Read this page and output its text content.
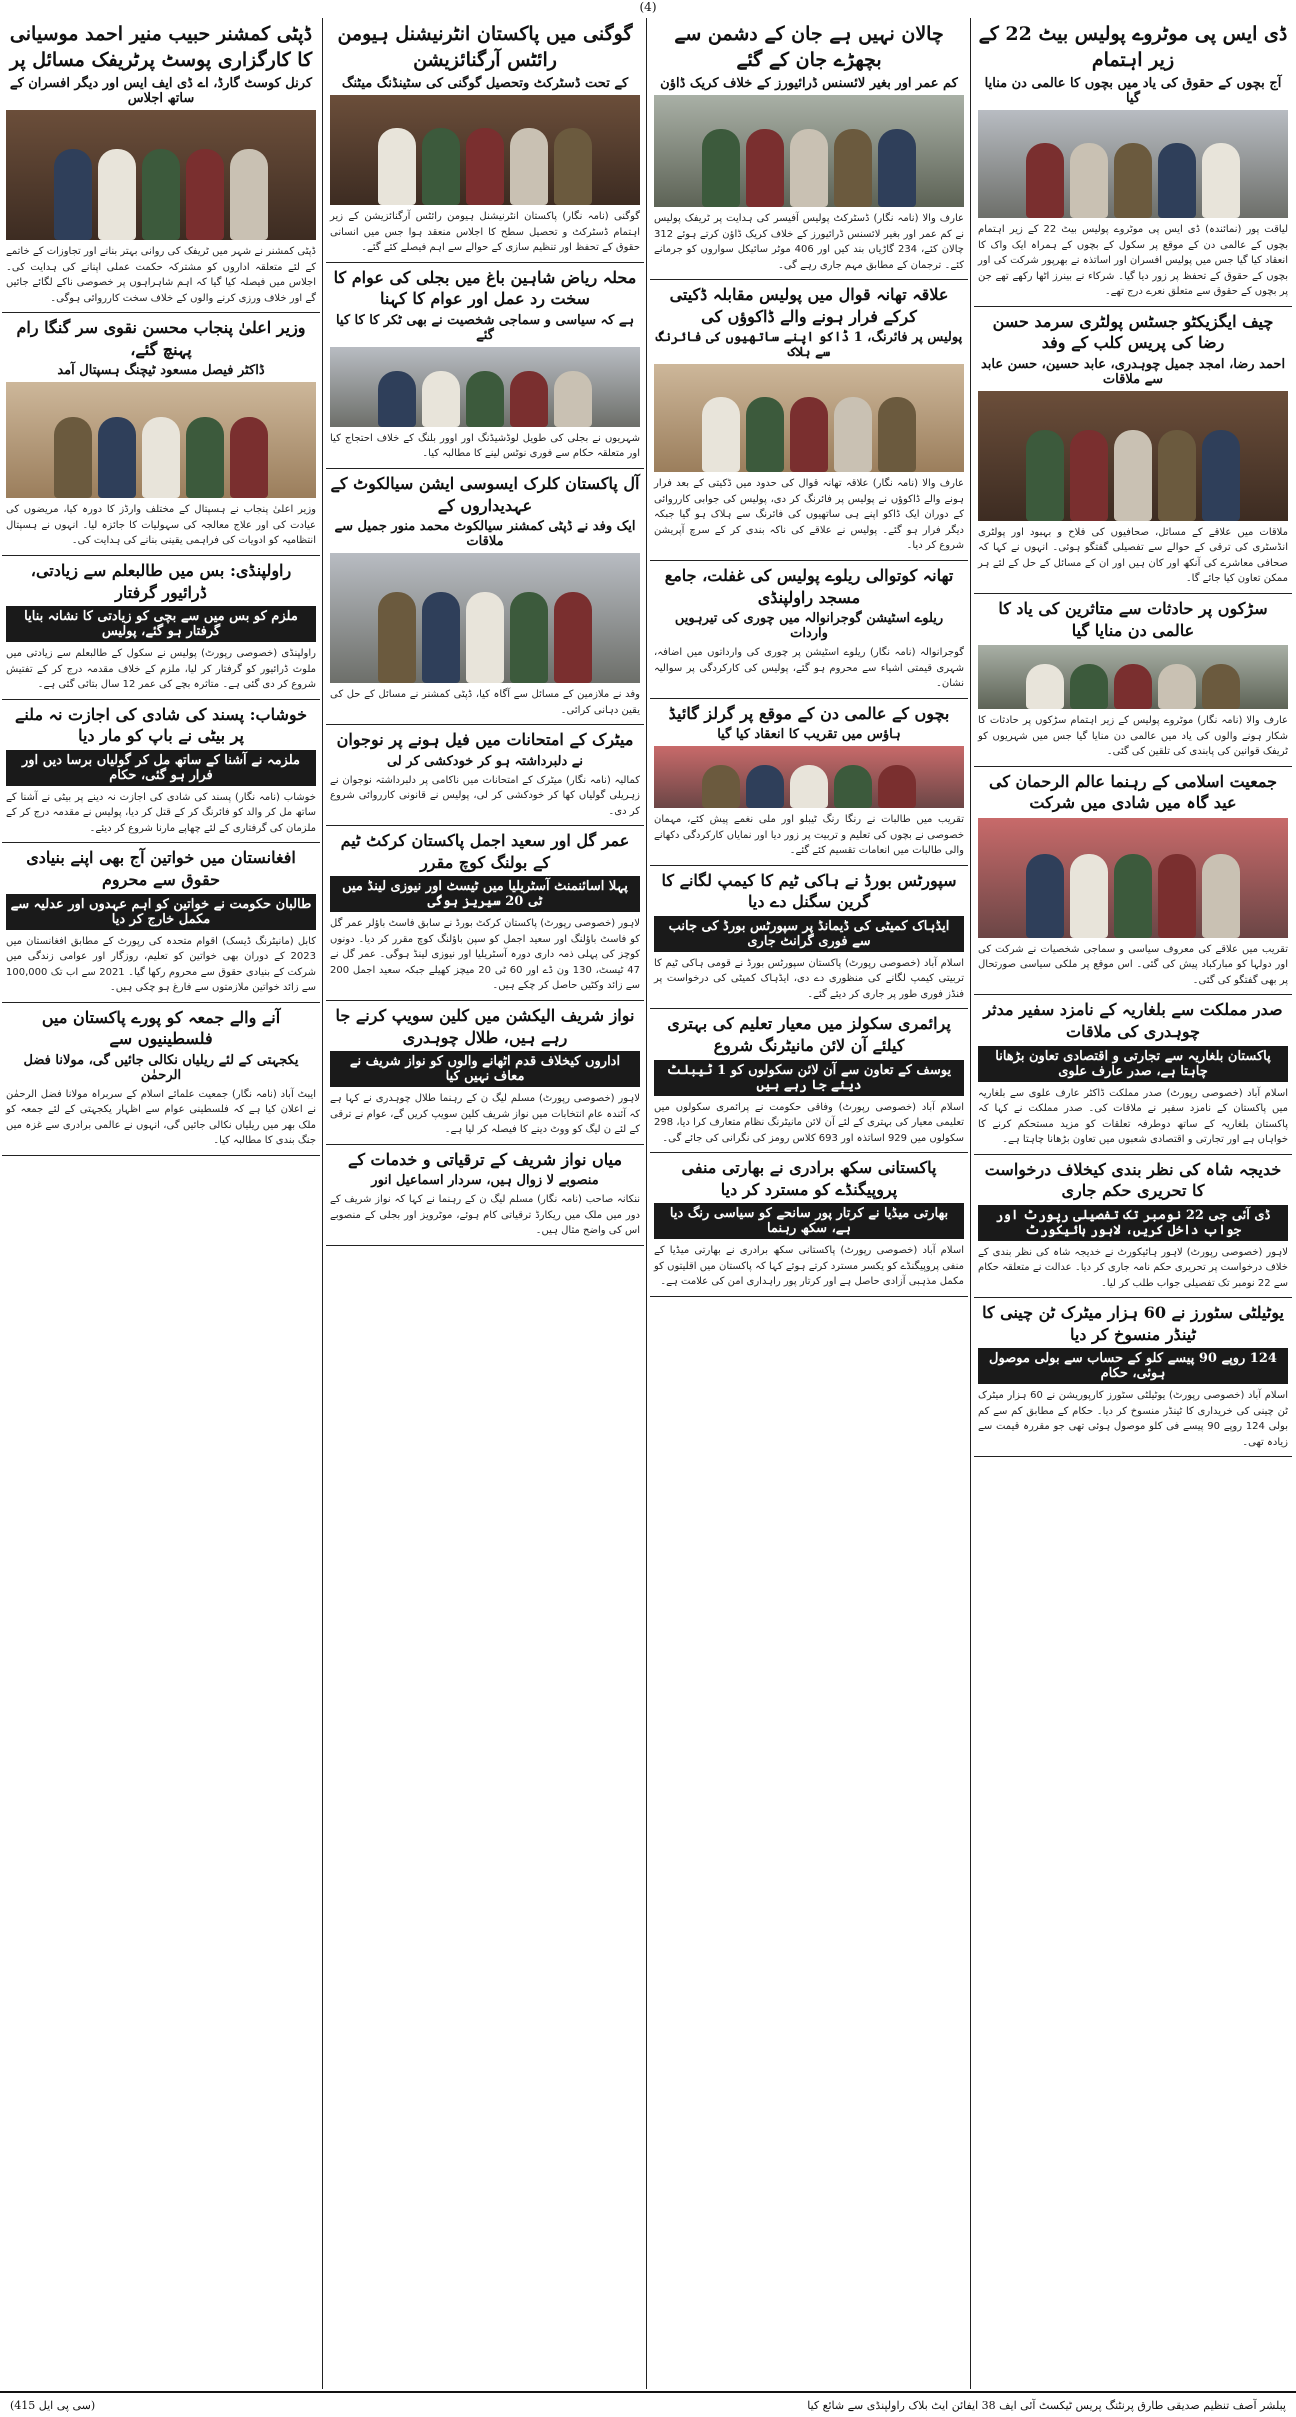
(4)
ڈی ایس پی موٹروے پولیس بیٹ 22 کے زیر اہتمام
آج بچوں کے حقوق کی یاد میں بچوں کا عالمی دن منایا گیا

لیاقت پور (نمائندہ) ڈی ایس پی موٹروے پولیس بیٹ 22 کے زیر اہتمام بچوں کے عالمی دن کے موقع پر سکول کے بچوں کے ہمراہ ایک واک کا انعقاد کیا گیا جس میں پولیس افسران اور اساتذہ نے بھرپور شرکت کی اور بچوں کے حقوق کے تحفظ پر زور دیا گیا۔ شرکاء نے بینرز اٹھا رکھے تھے جن پر بچوں کے حقوق سے متعلق نعرے درج تھے۔

چیف ایگزیکٹو جسٹس پولٹری سرمد حسن رضا کی پریس کلب کے وفد
احمد رضا، امجد جمیل چوہدری، عابد حسین، حسن عابد سے ملاقات

ملاقات میں علاقے کے مسائل، صحافیوں کی فلاح و بہبود اور پولٹری انڈسٹری کی ترقی کے حوالے سے تفصیلی گفتگو ہوئی۔ انہوں نے کہا کہ صحافی معاشرے کی آنکھ اور کان ہیں اور ان کے مسائل کے حل کے لئے ہر ممکن تعاون کیا جائے گا۔

سڑکوں پر حادثات سے متاثرین کی یاد کا عالمی دن منایا گیا

عارف والا (نامہ نگار) موٹروے پولیس کے زیر اہتمام سڑکوں پر حادثات کا شکار ہونے والوں کی یاد میں عالمی دن منایا گیا جس میں شہریوں کو ٹریفک قوانین کی پابندی کی تلقین کی گئی۔

جمعیت اسلامی کے رہنما عالم الرحمان کی عید گاہ میں شادی میں شرکت

تقریب میں علاقے کی معروف سیاسی و سماجی شخصیات نے شرکت کی اور دولہا کو مبارکباد پیش کی گئی۔ اس موقع پر ملکی سیاسی صورتحال پر بھی گفتگو کی گئی۔

صدر مملکت سے بلغاریہ کے نامزد سفیر مدثر چوہدری کی ملاقات
پاکستان بلغاریہ سے تجارتی و اقتصادی تعاون بڑھانا چاہتا ہے، صدر عارف علوی

اسلام آباد (خصوصی رپورٹ) صدر مملکت ڈاکٹر عارف علوی سے بلغاریہ میں پاکستان کے نامزد سفیر نے ملاقات کی۔ صدر مملکت نے کہا کہ پاکستان بلغاریہ کے ساتھ دوطرفہ تعلقات کو مزید مستحکم کرنے کا خواہاں ہے اور تجارتی و اقتصادی شعبوں میں تعاون بڑھانا چاہتا ہے۔

خدیجہ شاہ کی نظر بندی کیخلاف درخواست کا تحریری حکم جاری
ڈی آئی جی 22 نومبر تک تفصیلی رپورٹ اور جواب داخل کریں، لاہور ہائیکورٹ

لاہور (خصوصی رپورٹ) لاہور ہائیکورٹ نے خدیجہ شاہ کی نظر بندی کے خلاف درخواست پر تحریری حکم نامہ جاری کر دیا۔ عدالت نے متعلقہ حکام سے 22 نومبر تک تفصیلی جواب طلب کر لیا۔

یوٹیلٹی سٹورز نے 60 ہزار میٹرک ٹن چینی کا ٹینڈر منسوخ کر دیا
124 روپے 90 پیسے کلو کے حساب سے بولی موصول ہوئی، حکام

اسلام آباد (خصوصی رپورٹ) یوٹیلٹی سٹورز کارپوریشن نے 60 ہزار میٹرک ٹن چینی کی خریداری کا ٹینڈر منسوخ کر دیا۔ حکام کے مطابق کم سے کم بولی 124 روپے 90 پیسے فی کلو موصول ہوئی تھی جو مقررہ قیمت سے زیادہ تھی۔

چالان نہیں ہے جان کے دشمن سے بچھڑے جان کے گئے
کم عمر اور بغیر لائسنس ڈرائیورز کے خلاف کریک ڈاؤن

عارف والا (نامہ نگار) ڈسٹرکٹ پولیس آفیسر کی ہدایت پر ٹریفک پولیس نے کم عمر اور بغیر لائسنس ڈرائیورز کے خلاف کریک ڈاؤن کرتے ہوئے 312 چالان کئے، 234 گاڑیاں بند کیں اور 406 موٹر سائیکل سواروں کو جرمانے کئے۔ ترجمان کے مطابق مہم جاری رہے گی۔

علاقہ تھانہ قوال میں پولیس مقابلہ ڈکیتی کرکے فرار ہونے والے ڈاکوؤں کی
پولیس پر فائرنگ، 1 ڈاکو اپنے ساتھیوں کی فائرنگ سے ہلاک

عارف والا (نامہ نگار) علاقہ تھانہ قوال کی حدود میں ڈکیتی کے بعد فرار ہونے والے ڈاکوؤں نے پولیس پر فائرنگ کر دی، پولیس کی جوابی کارروائی کے دوران ایک ڈاکو اپنے ہی ساتھیوں کی فائرنگ سے ہلاک ہو گیا جبکہ دیگر فرار ہو گئے۔ پولیس نے علاقے کی ناکہ بندی کر کے سرچ آپریشن شروع کر دیا۔

تھانہ کوتوالی ریلوے پولیس کی غفلت، جامع مسجد راولپنڈی
ریلوے اسٹیشن گوجرانوالہ میں چوری کی تیرہویں واردات

گوجرانوالہ (نامہ نگار) ریلوے اسٹیشن پر چوری کی وارداتوں میں اضافہ، شہری قیمتی اشیاء سے محروم ہو گئے، پولیس کی کارکردگی پر سوالیہ نشان۔

بچوں کے عالمی دن کے موقع پر گرلز گائیڈ
ہاؤس میں تقریب کا انعقاد کیا گیا

تقریب میں طالبات نے رنگا رنگ ٹیبلو اور ملی نغمے پیش کئے، مہمان خصوصی نے بچوں کی تعلیم و تربیت پر زور دیا اور نمایاں کارکردگی دکھانے والی طالبات میں انعامات تقسیم کئے گئے۔

سپورٹس بورڈ نے ہاکی ٹیم کا کیمپ لگانے کا گرین سگنل دے دیا
ایڈہاک کمیٹی کی ڈیمانڈ پر سپورٹس بورڈ کی جانب سے فوری گرانٹ جاری

اسلام آباد (خصوصی رپورٹ) پاکستان سپورٹس بورڈ نے قومی ہاکی ٹیم کا تربیتی کیمپ لگانے کی منظوری دے دی، ایڈہاک کمیٹی کی درخواست پر فنڈز فوری طور پر جاری کر دیئے گئے۔

پرائمری سکولز میں معیار تعلیم کی بہتری کیلئے آن لائن مانیٹرنگ شروع
یوسف کے تعاون سے آن لائن سکولوں کو 1 ٹیبلٹ دیئے جا رہے ہیں

اسلام آباد (خصوصی رپورٹ) وفاقی حکومت نے پرائمری سکولوں میں تعلیمی معیار کی بہتری کے لئے آن لائن مانیٹرنگ نظام متعارف کرا دیا، 298 سکولوں میں 929 اساتذہ اور 693 کلاس رومز کی نگرانی کی جائے گی۔

پاکستانی سکھ برادری نے بھارتی منفی پروپیگنڈے کو مسترد کر دیا
بھارتی میڈیا نے کرتار پور سانحے کو سیاسی رنگ دیا ہے، سکھ رہنما

اسلام آباد (خصوصی رپورٹ) پاکستانی سکھ برادری نے بھارتی میڈیا کے منفی پروپیگنڈے کو یکسر مسترد کرتے ہوئے کہا کہ پاکستان میں اقلیتوں کو مکمل مذہبی آزادی حاصل ہے اور کرتار پور راہداری امن کی علامت ہے۔

گوگنی میں پاکستان انٹرنیشنل ہیومن رائٹس آرگنائزیشن
کے تحت ڈسٹرکٹ وتحصیل گوگنی کی سٹینڈنگ میٹنگ

گوگنی (نامہ نگار) پاکستان انٹرنیشنل ہیومن رائٹس آرگنائزیشن کے زیر اہتمام ڈسٹرکٹ و تحصیل سطح کا اجلاس منعقد ہوا جس میں انسانی حقوق کے تحفظ اور تنظیم سازی کے حوالے سے اہم فیصلے کئے گئے۔

محلہ ریاض شاہین باغ میں بجلی کی عوام کا سخت رد عمل اور عوام کا کہنا
ہے کہ سیاسی و سماجی شخصیت نے بھی ٹکر کا کا کیا گئے

شہریوں نے بجلی کی طویل لوڈشیڈنگ اور اوور بلنگ کے خلاف احتجاج کیا اور متعلقہ حکام سے فوری نوٹس لینے کا مطالبہ کیا۔

آل پاکستان کلرک ایسوسی ایشن سیالکوٹ کے عہدیداروں کے
ایک وفد نے ڈپٹی کمشنر سیالکوٹ محمد منور جمیل سے ملاقات

وفد نے ملازمین کے مسائل سے آگاہ کیا، ڈپٹی کمشنر نے مسائل کے حل کی یقین دہانی کرائی۔

میٹرک کے امتحانات میں فیل ہونے پر نوجوان
نے دلبرداشتہ ہو کر خودکشی کر لی

کمالیہ (نامہ نگار) میٹرک کے امتحانات میں ناکامی پر دلبرداشتہ نوجوان نے زہریلی گولیاں کھا کر خودکشی کر لی، پولیس نے قانونی کارروائی شروع کر دی۔

عمر گل اور سعید اجمل پاکستان کرکٹ ٹیم کے بولنگ کوچ مقرر
پہلا اسائنمنٹ آسٹریلیا میں ٹیسٹ اور نیوزی لینڈ میں ٹی 20 سیریز ہوگی

لاہور (خصوصی رپورٹ) پاکستان کرکٹ بورڈ نے سابق فاسٹ باؤلر عمر گل کو فاسٹ باؤلنگ اور سعید اجمل کو سپن باؤلنگ کوچ مقرر کر دیا۔ دونوں کوچز کی پہلی ذمہ داری دورہ آسٹریلیا اور نیوزی لینڈ ہوگی۔ عمر گل نے 47 ٹیسٹ، 130 ون ڈے اور 60 ٹی 20 میچز کھیلے جبکہ سعید اجمل 200 سے زائد وکٹیں حاصل کر چکے ہیں۔

نواز شریف الیکشن میں کلین سویپ کرنے جا رہے ہیں، طلال چوہدری
اداروں کیخلاف قدم اٹھانے والوں کو نواز شریف نے معاف نہیں کیا

لاہور (خصوصی رپورٹ) مسلم لیگ ن کے رہنما طلال چوہدری نے کہا ہے کہ آئندہ عام انتخابات میں نواز شریف کلین سویپ کریں گے، عوام نے ترقی کے لئے ن لیگ کو ووٹ دینے کا فیصلہ کر لیا ہے۔

میاں نواز شریف کے ترقیاتی و خدمات کے
منصوبے لا زوال ہیں، سردار اسماعیل انور

ننکانہ صاحب (نامہ نگار) مسلم لیگ ن کے رہنما نے کہا کہ نواز شریف کے دور میں ملک میں ریکارڈ ترقیاتی کام ہوئے، موٹرویز اور بجلی کے منصوبے اس کی واضح مثال ہیں۔

ڈپٹی کمشنر حبیب منیر احمد موسیانی کا کارگزاری پوسٹ پرٹریفک مسائل پر
کرنل کوسٹ گارڈ، اے ڈی ایف ایس اور دیگر افسران کے ساتھ اجلاس

ڈپٹی کمشنر نے شہر میں ٹریفک کی روانی بہتر بنانے اور تجاوزات کے خاتمے کے لئے متعلقہ اداروں کو مشترکہ حکمت عملی اپنانے کی ہدایت کی۔ اجلاس میں فیصلہ کیا گیا کہ اہم شاہراہوں پر خصوصی ناکے لگائے جائیں گے اور خلاف ورزی کرنے والوں کے خلاف سخت کارروائی ہوگی۔

وزیر اعلیٰ پنجاب محسن نقوی سر گنگا رام پہنچ گئے،
ڈاکٹر فیصل مسعود ٹیچنگ ہسپتال آمد

وزیر اعلیٰ پنجاب نے ہسپتال کے مختلف وارڈز کا دورہ کیا، مریضوں کی عیادت کی اور علاج معالجہ کی سہولیات کا جائزہ لیا۔ انہوں نے ہسپتال انتظامیہ کو ادویات کی فراہمی یقینی بنانے کی ہدایت کی۔

راولپنڈی: بس میں طالبعلم سے زیادتی، ڈرائیور گرفتار
ملزم کو بس میں سے بچی کو زیادتی کا نشانہ بنایا گرفتار ہو گئے، پولیس

راولپنڈی (خصوصی رپورٹ) پولیس نے سکول کے طالبعلم سے زیادتی میں ملوث ڈرائیور کو گرفتار کر لیا، ملزم کے خلاف مقدمہ درج کر کے تفتیش شروع کر دی گئی ہے۔ متاثرہ بچے کی عمر 12 سال بتائی گئی ہے۔

خوشاب: پسند کی شادی کی اجازت نہ ملنے پر بیٹی نے باپ کو مار دیا
ملزمہ نے آشنا کے ساتھ مل کر گولیاں برسا دیں اور فرار ہو گئی، حکام

خوشاب (نامہ نگار) پسند کی شادی کی اجازت نہ دینے پر بیٹی نے آشنا کے ساتھ مل کر والد کو فائرنگ کر کے قتل کر دیا، پولیس نے مقدمہ درج کر کے ملزمان کی گرفتاری کے لئے چھاپے مارنا شروع کر دیئے۔

افغانستان میں خواتین آج بھی اپنے بنیادی حقوق سے محروم
طالبان حکومت نے خواتین کو اہم عہدوں اور عدلیہ سے مکمل خارج کر دیا

کابل (مانیٹرنگ ڈیسک) اقوام متحدہ کی رپورٹ کے مطابق افغانستان میں 2023 کے دوران بھی خواتین کو تعلیم، روزگار اور عوامی زندگی میں شرکت کے بنیادی حقوق سے محروم رکھا گیا۔ 2021 سے اب تک 100,000 سے زائد خواتین ملازمتوں سے فارغ ہو چکی ہیں۔

آنے والے جمعہ کو پورے پاکستان میں فلسطینیوں سے
یکجہتی کے لئے ریلیاں نکالی جائیں گی، مولانا فضل الرحمٰن

ایبٹ آباد (نامہ نگار) جمعیت علمائے اسلام کے سربراہ مولانا فضل الرحمٰن نے اعلان کیا ہے کہ فلسطینی عوام سے اظہار یکجہتی کے لئے جمعہ کو ملک بھر میں ریلیاں نکالی جائیں گی، انہوں نے عالمی برادری سے غزہ میں جنگ بندی کا مطالبہ کیا۔

پبلشر آصف تنظیم صدیقی طارق پرنٹنگ پریس ٹیکسٹ آئی ایف 38 ایفائن ایٹ بلاک راولپنڈی سے شائع کیا
(سی پی ایل 415)
